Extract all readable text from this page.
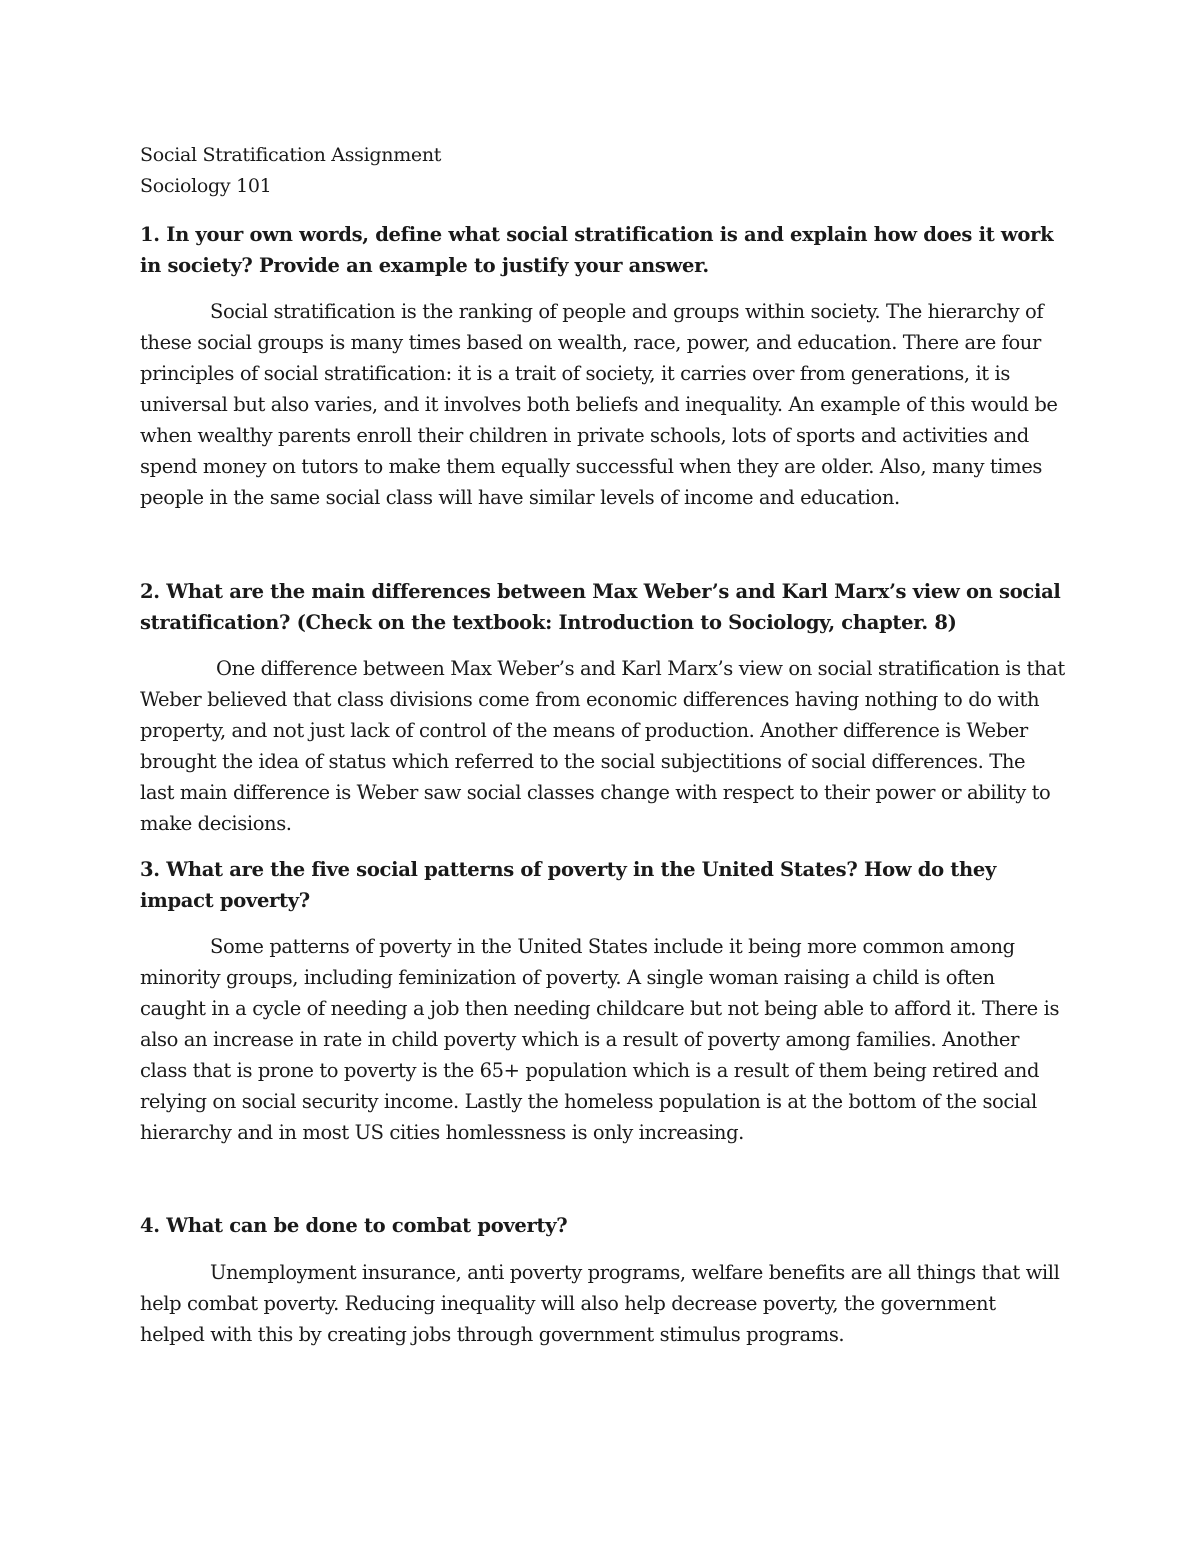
Social Stratification Assignment

Sociology 101

1. In your own words, define what social stratification is and explain how does it work in society? Provide an example to justify your answer.

Social stratification is the ranking of people and groups within society. The hierarchy of these social groups is many times based on wealth, race, power, and education. There are four principles of social stratification: it is a trait of society, it carries over from generations, it is universal but also varies, and it involves both beliefs and inequality. An example of this would be when wealthy parents enroll their children in private schools, lots of sports and activities and spend money on tutors to make them equally successful when they are older. Also, many times people in the same social class will have similar levels of income and education.

2. What are the main differences between Max Weber’s and Karl Marx’s view on social stratification? (Check on the textbook: Introduction to Sociology, chapter. 8)

One difference between Max Weber’s and Karl Marx’s view on social stratification is that Weber believed that class divisions come from economic differences having nothing to do with property, and not just lack of control of the means of production. Another difference is Weber brought the idea of status which referred to the social subjectitions of social differences. The last main difference is Weber saw social classes change with respect to their power or ability to make decisions.

3. What are the five social patterns of poverty in the United States? How do they impact poverty?

Some patterns of poverty in the United States include it being more common among minority groups, including feminization of poverty. A single woman raising a child is often caught in a cycle of needing a job then needing childcare but not being able to afford it. There is also an increase in rate in child poverty which is a result of poverty among families. Another class that is prone to poverty is the 65+ population which is a result of them being retired and relying on social security income. Lastly the homeless population is at the bottom of the social hierarchy and in most US cities homlessness is only increasing.

4. What can be done to combat poverty?

Unemployment insurance, anti poverty programs, welfare benefits are all things that will help combat poverty. Reducing inequality will also help decrease poverty, the government helped with this by creating jobs through government stimulus programs.
